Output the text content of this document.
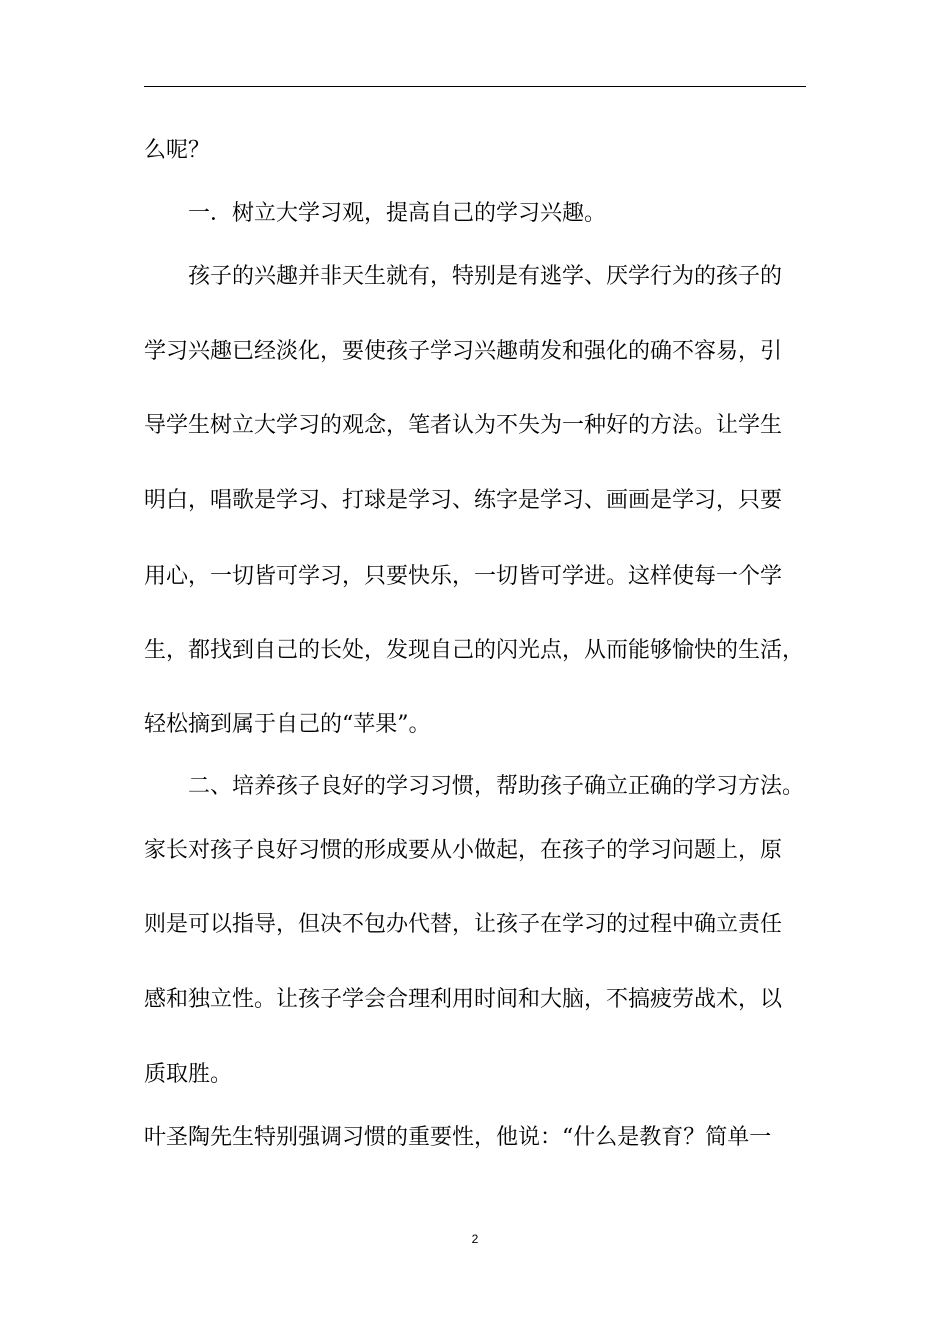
么呢？
一．树立大学习观，提高自己的学习兴趣。
孩子的兴趣并非天生就有，特别是有逃学、厌学行为的孩子的
学习兴趣已经淡化，要使孩子学习兴趣萌发和强化的确不容易，引
导学生树立大学习的观念，笔者认为不失为一种好的方法。让学生
明白，唱歌是学习、打球是学习、练字是学习、画画是学习，只要
用心，一切皆可学习，只要快乐，一切皆可学进。这样使每一个学
生，都找到自己的长处，发现自己的闪光点，从而能够愉快的生活，
轻松摘到属于自己的“苹果”。
二、培养孩子良好的学习习惯，帮助孩子确立正确的学习方法。
家长对孩子良好习惯的形成要从小做起，在孩子的学习问题上，原
则是可以指导，但决不包办代替，让孩子在学习的过程中确立责任
感和独立性。让孩子学会合理利用时间和大脑，不搞疲劳战术，以
质取胜。
叶圣陶先生特别强调习惯的重要性，他说：“什么是教育？简单一
2
